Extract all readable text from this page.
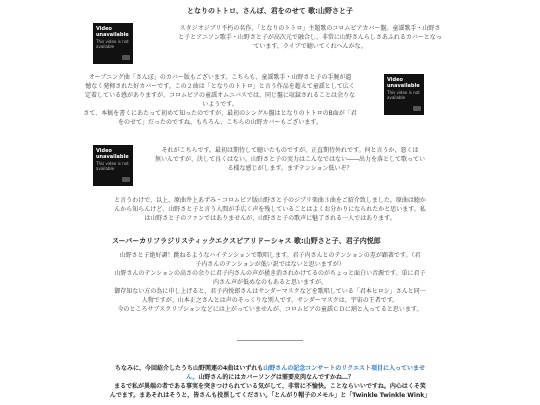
となりのトトロ、さんぽ、君をのせて 歌:山野さと子
Video unavailable
This video is not available
スタジオジブリ不朽の名作、「となりのトトロ」主題歌のコロムビアカバー盤。童謡歌手・山野さ
と子とアニソン歌手・山野さと子が高次元で融合し、非常に山野さんらしさあふれるカバーとなっ
ています。ライブで聴いてくれへんかな。
オープニング曲「さんぽ」のカバー版もございます。こちらも、童謡歌手・山野さと子の手腕が遺
憾なく発揮された好カバーです。この２曲は「となりのトトロ」と言う作品を超えて童謡として広く
定着している感がありますが、コロムビアの童謡オムニバスでは、同じ盤に収録されることは余りな
いようです。
さて、本稿を書くにあたって初めて知ったのですが、最初のシングル盤はとなりのトトロのB面が「君
をのせて」だったのですね。もちろん、こちらの山野カバーもございます。
Video unavailable
This video is not available
Video unavailable
This video is not available
それがこちらです。最初は期待して聴いたものですが、正直期待外れです。何と言うか、悪くは
無いんですが、決して良くはない。山野さと子の実力はこんなではない――出力を落として歌ってい
る様な感じがします。まずテンション低いぞ？
と言うわけで、以上、原曲井上あずみ・コロムビア版山野さと子のジブリ楽曲３曲をご紹介致しました。原曲は聴か
んから知らんけど、山野さと子と言う人間が手広く声を残していることはよくお分かりになられたかと思います。私
は山野さと子のファンではありませんが、山野さと子の歌声に魅了される一人ではあります。
スーパーカリフラジリスティックエクスピアリドーシャス 歌:山野さと子、君子内悦郎
山野さと子絶好調！跳ねるようなハイテンションで歌唱します。君子内さんとのテンションの差が顕著です。（君
子内さんのテンションが低い訳ではないと思いますが）
山野さんのテンションの高さの余りに君子内さんの声が掻き消されかけてるのがちょっと面白い音源です。単に君子
内さん声が低めなのもあると思いますが。
御存知ない方の為に申し上げると、君子内悦郎さんはサンダーマスクなどを歌唱している「君本ヒロシ」さんと同一
人物ですが、山本正之さんとは声のそっくりな別人です。サンダーマスクは、宇宙の王者です。
今のところサブスクリプションなどには上がっていませんが、コロムビアの童謡ＣＤに割と入ってると思います。
ちなみに、今回紹介したうち山野関連の4曲はいずれも山野さんの記念コンサートのリクエスト項目に入っていませ
ん。山野さん的にはカバーソングは需要皮肉なんですかね…？
まるで私が異端の者である事実を突きつけられている気がして、非常に不愉快。ことならいいですね。内心はくそ笑
んでます。まあそれはそうと、皆さんも投票してください。「とんがり帽子のメモル」と「Twinkle Twinkle Wink」
